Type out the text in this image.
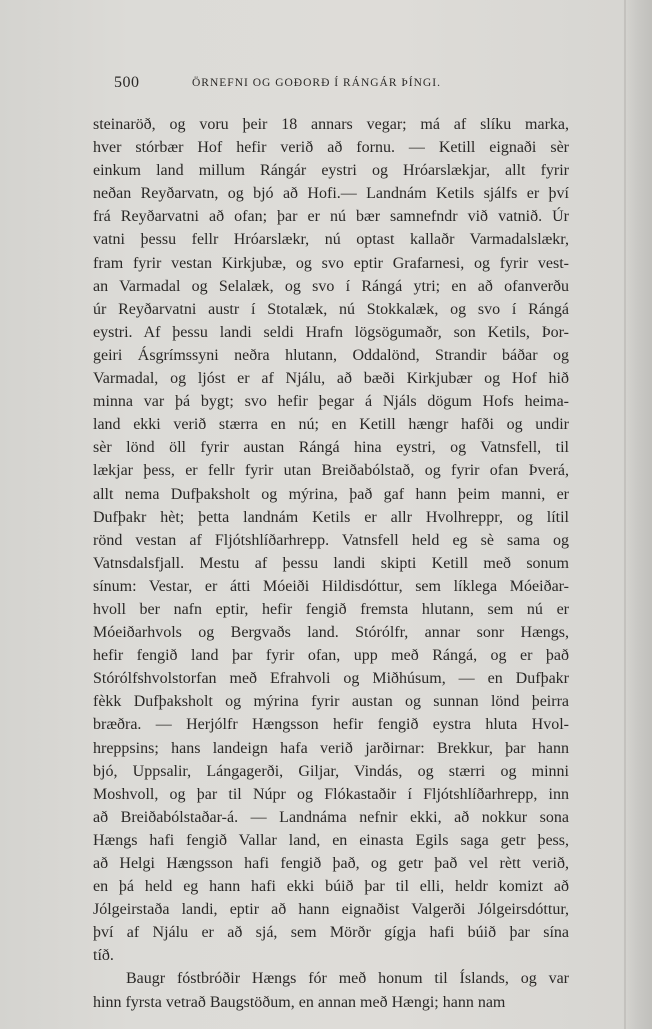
500	ÖRNEFNI OG GOÐORÐ Í RÁNGÁR ÞÍNGI.
steinaröð, og voru þeir 18 annars vegar; má af slíku marka,
hver stórbær Hof hefir verið að fornu. — Ketill eignaði sèr
einkum land millum Rángár eystri og Hróarslækjar, allt fyrir
neðan Reyðarvatn, og bjó að Hofi.— Landnám Ketils sjálfs er því
frá Reyðarvatni að ofan; þar er nú bær samnefndr við vatnið. Úr
vatni þessu fellr Hróarslækr, nú optast kallaðr Varmadalslækr,
fram fyrir vestan Kirkjubæ, og svo eptir Grafarnesi, og fyrir vest-
an Varmadal og Selalæk, og svo í Rángá ytri; en að ofanverðu
úr Reyðarvatni austr í Stotalæk, nú Stokkalæk, og svo í Rángá
eystri. Af þessu landi seldi Hrafn lögsögumaðr, son Ketils, Þor-
geiri Ásgrímssyni neðra hlutann, Oddalönd, Strandir báðar og
Varmadal, og ljóst er af Njálu, að bæði Kirkjubær og Hof hið
minna var þá bygt; svo hefir þegar á Njáls dögum Hofs heima-
land ekki verið stærra en nú; en Ketill hængr hafði og undir
sèr lönd öll fyrir austan Rángá hina eystri, og Vatnsfell, til
lækjar þess, er fellr fyrir utan Breiðabólstað, og fyrir ofan Þverá,
allt nema Dufþaksholt og mýrina, það gaf hann þeim manni, er
Dufþakr hèt; þetta landnám Ketils er allr Hvolhreppr, og lítil
rönd vestan af Fljótshlíðarhrepp. Vatnsfell held eg sè sama og
Vatnsdalsfjall. Mestu af þessu landi skipti Ketill með sonum
sínum: Vestar, er átti Móeiði Hildisdóttur, sem líklega Móeiðar-
hvoll ber nafn eptir, hefir fengið fremsta hlutann, sem nú er
Móeiðarhvols og Bergvaðs land. Stórólfr, annar sonr Hængs,
hefir fengið land þar fyrir ofan, upp með Rángá, og er það
Stórólfshvolstorfan með Efrahvoli og Miðhúsum, — en Dufþakr
fèkk Dufþaksholt og mýrina fyrir austan og sunnan lönd þeirra
bræðra. — Herjólfr Hængsson hefir fengið eystra hluta Hvol-
hreppsins; hans landeign hafa verið jarðirnar: Brekkur, þar hann
bjó, Uppsalir, Lángagerði, Giljar, Vindás, og stærri og minni
Moshvoll, og þar til Núpr og Flókastaðir í Fljótshlíðarhrepp, inn
að Breiðabólstaðar-á. — Landnáma nefnir ekki, að nokkur sona
Hængs hafi fengið Vallar land, en einasta Egils saga getr þess,
að Helgi Hængsson hafi fengið það, og getr það vel rètt verið,
en þá held eg hann hafi ekki búið þar til elli, heldr komizt að
Jólgeirstaða landi, eptir að hann eignaðist Valgerði Jólgeirsdóttur,
því af Njálu er að sjá, sem Mörðr gígja hafi búið þar sína
tíð.
Baugr fóstbróðir Hængs fór með honum til Íslands, og var
hinn fyrsta vetrað Baugstöðum, en annan með Hængi; hann nam
